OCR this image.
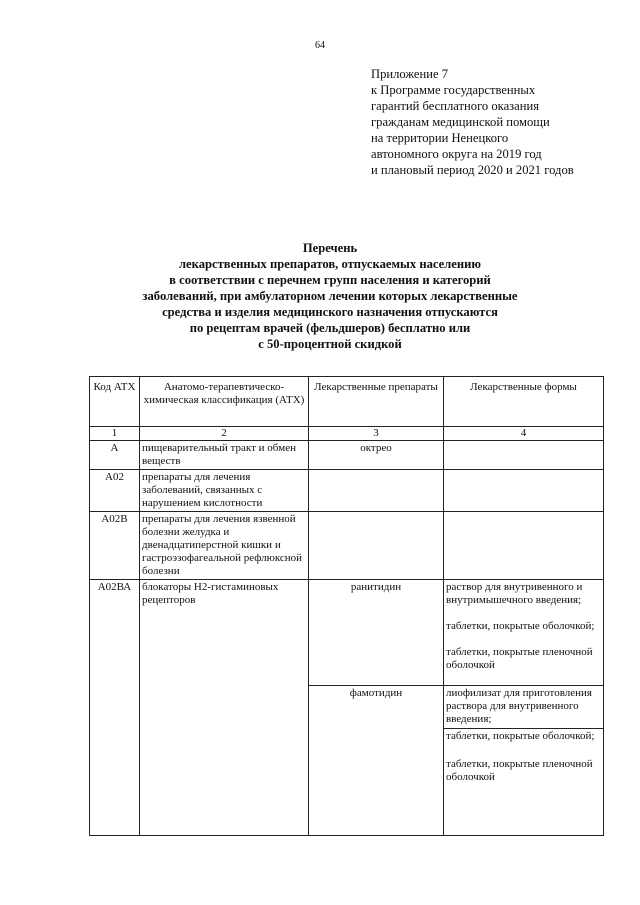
64
Приложение 7
к Программе государственных
гарантий бесплатного оказания
гражданам медицинской помощи
на территории Ненецкого
автономного округа на 2019 год
и плановый период 2020 и 2021 годов
Перечень
лекарственных препаратов, отпускаемых населению
в соответствии с перечнем групп населения и категорий
заболеваний, при амбулаторном лечении которых лекарственные
средства и изделия медицинского назначения отпускаются
по рецептам врачей (фельдшеров) бесплатно или
с 50-процентной скидкой
Код АТХ	Анатомо-терапевтическо-химическая классификация (АТХ)	Лекарственные препараты	Лекарственные формы
1	2	3	4
А	пищеварительный тракт и обмен веществ	октрео	
А02	препараты для лечения заболеваний, связанных с нарушением кислотности		
А02В	препараты для лечения язвенной болезни желудка и двенадцатиперстной кишки и гастроэзофагеальной рефлюксной болезни		
А02ВА	блокаторы Н2-гистаминовых рецепторов	ранитидин	раствор для внутривенного и внутримышечного введения;
таблетки, покрытые оболочкой;
таблетки, покрытые пленочной оболочкой

		фамотидин	лиофилизат для приготовления раствора для внутривенного введения;
таблетки, покрытые оболочкой;
таблетки, покрытые пленочной оболочкой
